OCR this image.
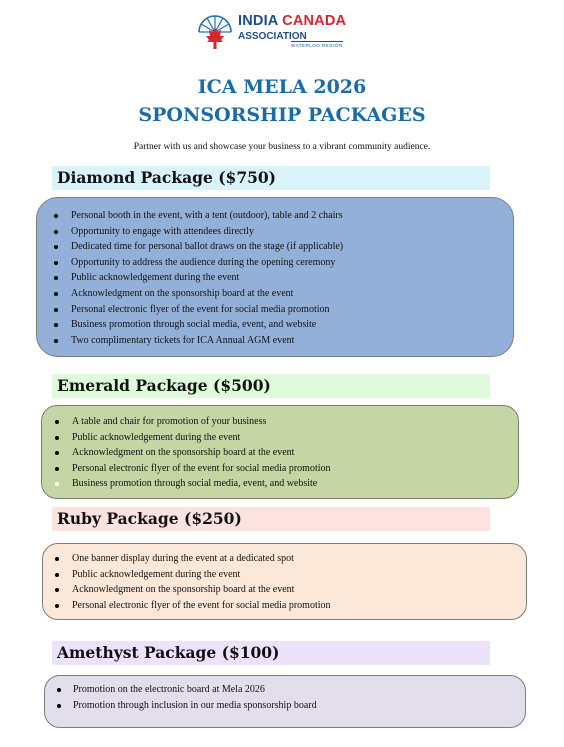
INDIA CANADA
ASSOCIATION
WATERLOO REGION
ICA MELA 2026
SPONSORSHIP PACKAGES
Partner with us and showcase your business to a vibrant community audience.
Diamond Package ($750)
Personal booth in the event, with a tent (outdoor), table and 2 chairs
Opportunity to engage with attendees directly
Dedicated time for personal ballot draws on the stage (if applicable)
Opportunity to address the audience during the opening ceremony
Public acknowledgement during the event
Acknowledgment on the sponsorship board at the event
Personal electronic flyer of the event for social media promotion
Business promotion through social media, event, and website
Two complimentary tickets for ICA Annual AGM event
Emerald Package ($500)
A table and chair for promotion of your business
Public acknowledgement during the event
Acknowledgment on the sponsorship board at the event
Personal electronic flyer of the event for social media promotion
Business promotion through social media, event, and website
Ruby Package ($250)
One banner display during the event at a dedicated spot
Public acknowledgement during the event
Acknowledgment on the sponsorship board at the event
Personal electronic flyer of the event for social media promotion
Amethyst Package ($100)
Promotion on the electronic board at Mela 2026
Promotion through inclusion in our media sponsorship board
